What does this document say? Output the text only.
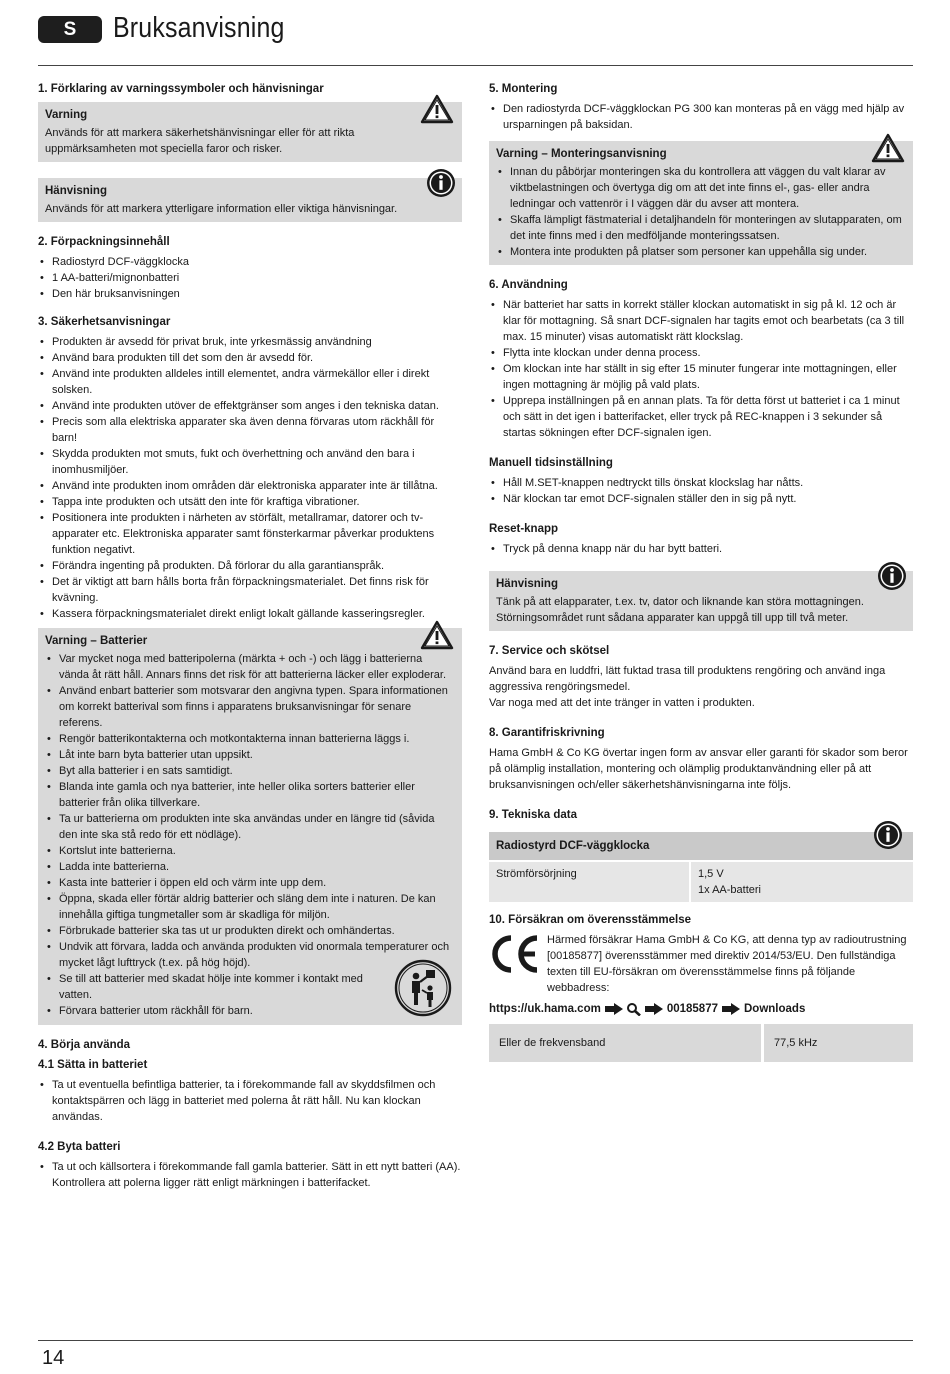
S	Bruksanvisning
1. Förklaring av varningssymboler och hänvisningar
Varning

Används för att markera säkerhetshänvisningar eller för att rikta uppmärksamheten mot speciella faror och risker.

Hänvisning

Används för att markera ytterligare information eller viktiga hänvisningar.

2. Förpackningsinnehåll
• Radiostyrd DCF-väggklocka
• 1 AA-batteri/mignonbatteri
• Den här bruksanvisningen
3. Säkerhetsanvisningar
• Produkten är avsedd för privat bruk, inte yrkesmässig användning
• Använd bara produkten till det som den är avsedd för.
• Använd inte produkten alldeles intill elementet, andra värmekällor eller i direkt solsken.
• Använd inte produkten utöver de effektgränser som anges i den tekniska datan.
• Precis som alla elektriska apparater ska även denna förvaras utom räckhåll för barn!
• Skydda produkten mot smuts, fukt och överhettning och använd den bara i inomhusmiljöer.
• Använd inte produkten inom områden där elektroniska apparater inte är tillåtna.
• Tappa inte produkten och utsätt den inte för kraftiga vibrationer.
• Positionera inte produkten i närheten av störfält, metallramar, datorer och tv-apparater etc. Elektroniska apparater samt fönsterkarmar påverkar produktens funktion negativt.
• Förändra ingenting på produkten. Då förlorar du alla garantianspråk.
• Det är viktigt att barn hålls borta från förpackningsmaterialet. Det finns risk för kvävning.
• Kassera förpackningsmaterialet direkt enligt lokalt gällande kasseringsregler.
Varning – Batterier
• Var mycket noga med batteripolerna (märkta + och -) och lägg i batterierna vända åt rätt håll. Annars finns det risk för att batterierna läcker eller exploderar.
• Använd enbart batterier som motsvarar den angivna typen. Spara informationen om korrekt batterival som finns i apparatens bruksanvisningar för senare referens.
• Rengör batterikontakterna och motkontakterna innan batterierna läggs i.
• Låt inte barn byta batterier utan uppsikt.
• Byt alla batterier i en sats samtidigt.
• Blanda inte gamla och nya batterier, inte heller olika sorters batterier eller batterier från olika tillverkare.
• Ta ur batterierna om produkten inte ska användas under en längre tid (såvida den inte ska stå redo för ett nödläge).
• Kortslut inte batterierna.
• Ladda inte batterierna.
• Kasta inte batterier i öppen eld och värm inte upp dem.
• Öppna, skada eller förtär aldrig batterier och släng dem inte i naturen. De kan innehålla giftiga tungmetaller som är skadliga för miljön.
• Förbrukade batterier ska tas ut ur produkten direkt och omhändertas.
• Undvik att förvara, ladda och använda produkten vid onormala temperaturer och mycket lågt lufttryck (t.ex. på hög höjd).
• Se till att batterier med skadat hölje inte kommer i kontakt med vatten.
• Förvara batterier utom räckhåll för barn.
4. Börja använda
4.1 Sätta in batteriet
• Ta ut eventuella befintliga batterier, ta i förekommande fall av skyddsfilmen och kontaktspärren och lägg in batteriet med polerna åt rätt håll. Nu kan klockan användas.
4.2 Byta batteri
• Ta ut och källsortera i förekommande fall gamla batterier. Sätt in ett nytt batteri (AA). Kontrollera att polerna ligger rätt enligt märkningen i batterifacket.
5. Montering
• Den radiostyrda DCF-väggklockan PG 300 kan monteras på en vägg med hjälp av ursparningen på baksidan.
Varning – Monteringsanvisning
• Innan du påbörjar monteringen ska du kontrollera att väggen du valt klarar av viktbelastningen och övertyga dig om att det inte finns el-, gas- eller andra ledningar och vattenrör i I väggen där du avser att montera.
• Skaffa lämpligt fästmaterial i detaljhandeln för monteringen av slutapparaten, om det inte finns med i den medföljande monteringssatsen.
• Montera inte produkten på platser som personer kan uppehålla sig under.
6. Användning
• När batteriet har satts in korrekt ställer klockan automatiskt in sig på kl. 12 och är klar för mottagning. Så snart DCF-signalen har tagits emot och bearbetats (ca 3 till max. 15 minuter) visas automatiskt rätt klockslag.
• Flytta inte klockan under denna process.
• Om klockan inte har ställt in sig efter 15 minuter fungerar inte mottagningen, eller ingen mottagning är möjlig på vald plats.
• Upprepa inställningen på en annan plats. Ta för detta först ut batteriet i ca 1 minut och sätt in det igen i batterifacket, eller tryck på REC-knappen i 3 sekunder så startas sökningen efter DCF-signalen igen.
Manuell tidsinställning
• Håll M.SET-knappen nedtryckt tills önskat klockslag har nåtts.
• När klockan tar emot DCF-signalen ställer den in sig på nytt.
Reset-knapp
• Tryck på denna knapp när du har bytt batteri.
Hänvisning

Tänk på att elapparater, t.ex. tv, dator och liknande kan störa mottagningen. Störningsområdet runt sådana apparater kan uppgå till upp till två meter.

7. Service och skötsel

Använd bara en luddfri, lätt fuktad trasa till produktens rengöring och använd inga aggressiva rengöringsmedel.

Var noga med att det inte tränger in vatten i produkten.

8. Garantifriskrivning

Hama GmbH & Co KG övertar ingen form av ansvar eller garanti för skador som beror på olämplig installation, montering och olämplig produktanvändning eller på att bruksanvisningen och/eller säkerhetshänvisningarna inte följs.

9. Tekniska data
Radiostyrd DCF-väggklocka
Strömförsörjning	1,5 V
1x AA-batteri
10. Försäkran om överensstämmelse

Härmed försäkrar Hama GmbH & Co KG, att denna typ av radioutrustning [00185877] överensstämmer med direktiv 2014/53/EU. Den fullständiga texten till EU-försäkran om överensstämmelse finns på följande webbadress:

https://uk.hama.com	00185877 Downloads
Eller de frekvensband	77,5 kHz
14
